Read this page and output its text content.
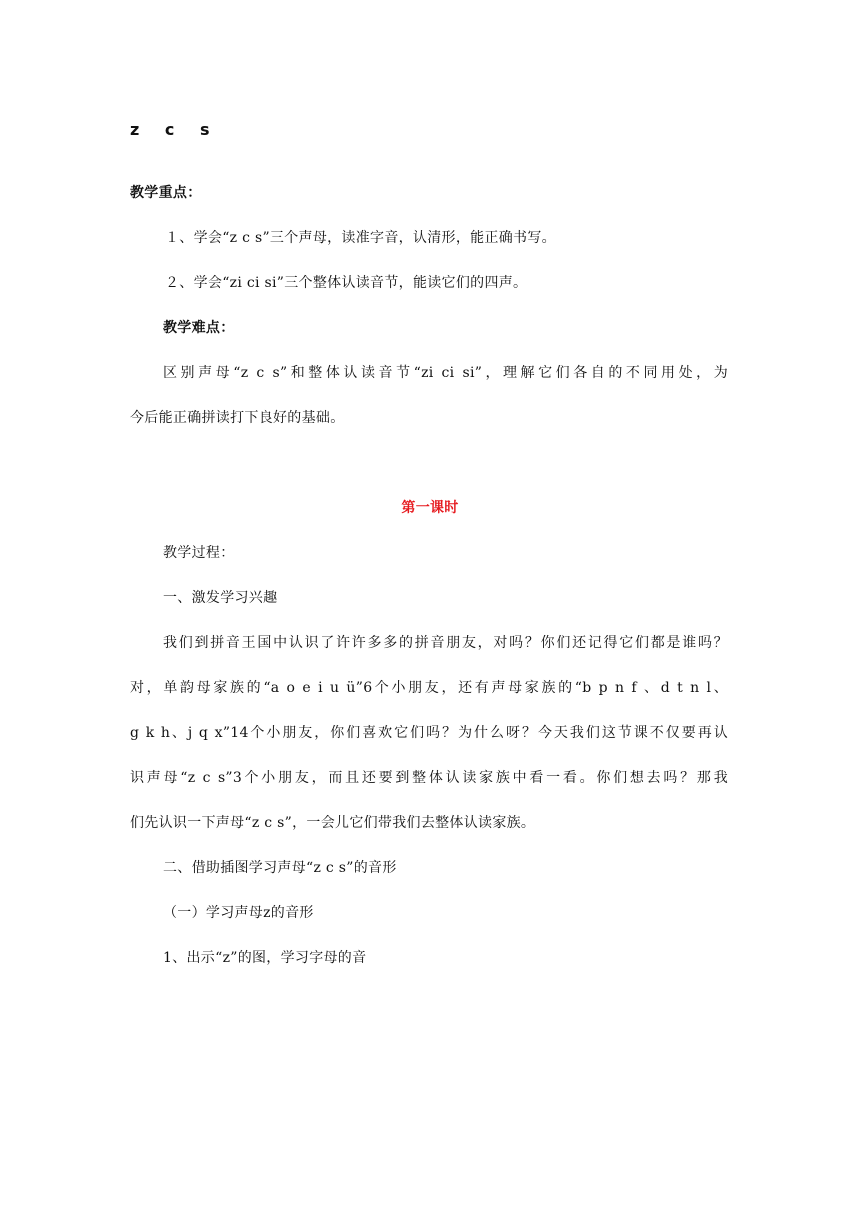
z c s
教学重点：
１、学会“z c s”三个声母，读准字音，认清形，能正确书写。
２、学会“zi ci si”三个整体认读音节，能读它们的四声。
教学难点：
区别声母“z c s”和整体认读音节“zi ci si”，理解它们各自的不同用处，为
今后能正确拼读打下良好的基础。
第一课时
教学过程：
一、激发学习兴趣
我们到拼音王国中认识了许许多多的拼音朋友，对吗？你们还记得它们都是谁吗？
对，单韵母家族的“a o e i u ü”6个小朋友，还有声母家族的“b p n f 、d t n l、
g k h、j q x”14个小朋友，你们喜欢它们吗？为什么呀？今天我们这节课不仅要再认
识声母“z c s”3个小朋友，而且还要到整体认读家族中看一看。你们想去吗？那我
们先认识一下声母“z c s”，一会儿它们带我们去整体认读家族。
二、借助插图学习声母“z c s”的音形
（一）学习声母z的音形
1、出示“z”的图，学习字母的音
